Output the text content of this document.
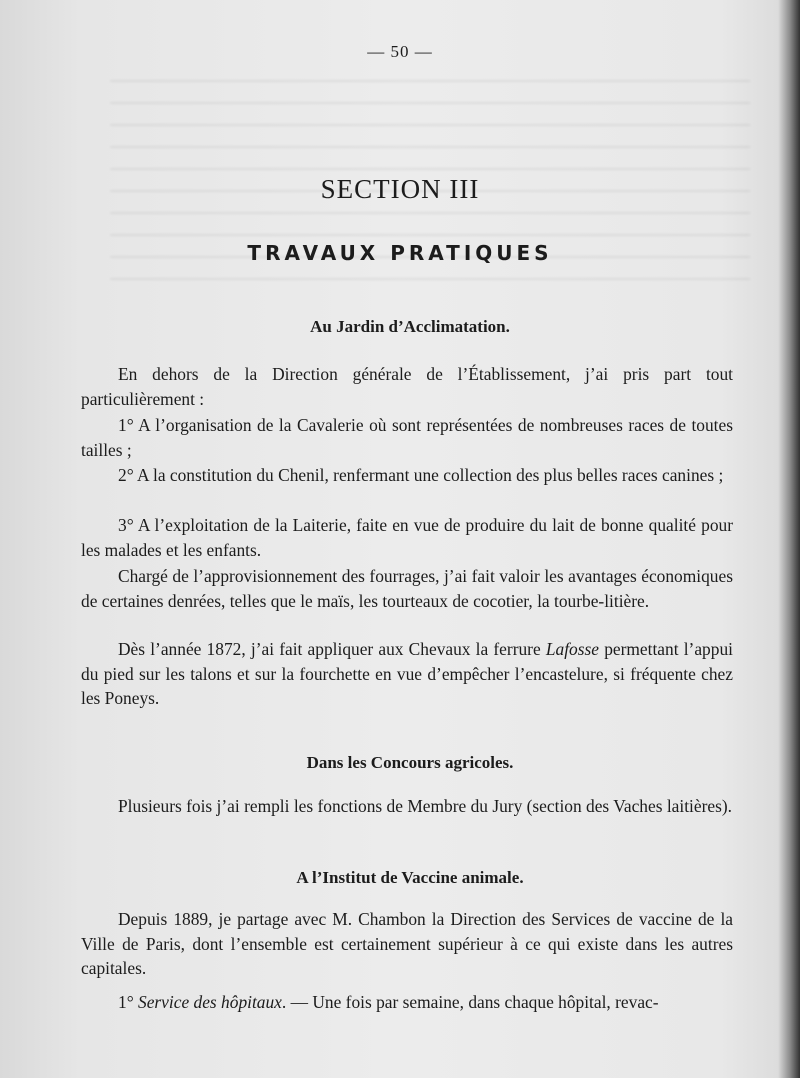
— 50 —
SECTION III
TRAVAUX PRATIQUES
Au Jardin d’Acclimatation.

En dehors de la Direction générale de l’Établissement, j’ai pris part tout particulièrement :

1° A l’organisation de la Cavalerie où sont représentées de nombreuses races de toutes tailles ;

2° A la constitution du Chenil, renfermant une collection des plus belles races canines ;

3° A l’exploitation de la Laiterie, faite en vue de produire du lait de bonne qualité pour les malades et les enfants.

Chargé de l’approvisionnement des fourrages, j’ai fait valoir les avantages économiques de certaines denrées, telles que le maïs, les tourteaux de cocotier, la tourbe-litière.

Dès l’année 1872, j’ai fait appliquer aux Chevaux la ferrure Lafosse permettant l’appui du pied sur les talons et sur la fourchette en vue d’empêcher l’encastelure, si fréquente chez les Poneys.

Dans les Concours agricoles.

Plusieurs fois j’ai rempli les fonctions de Membre du Jury (section des Vaches laitières).

A l’Institut de Vaccine animale.

Depuis 1889, je partage avec M. Chambon la Direction des Services de vaccine de la Ville de Paris, dont l’ensemble est certainement supérieur à ce qui existe dans les autres capitales.

1° Service des hôpitaux. — Une fois par semaine, dans chaque hôpital, revac-
